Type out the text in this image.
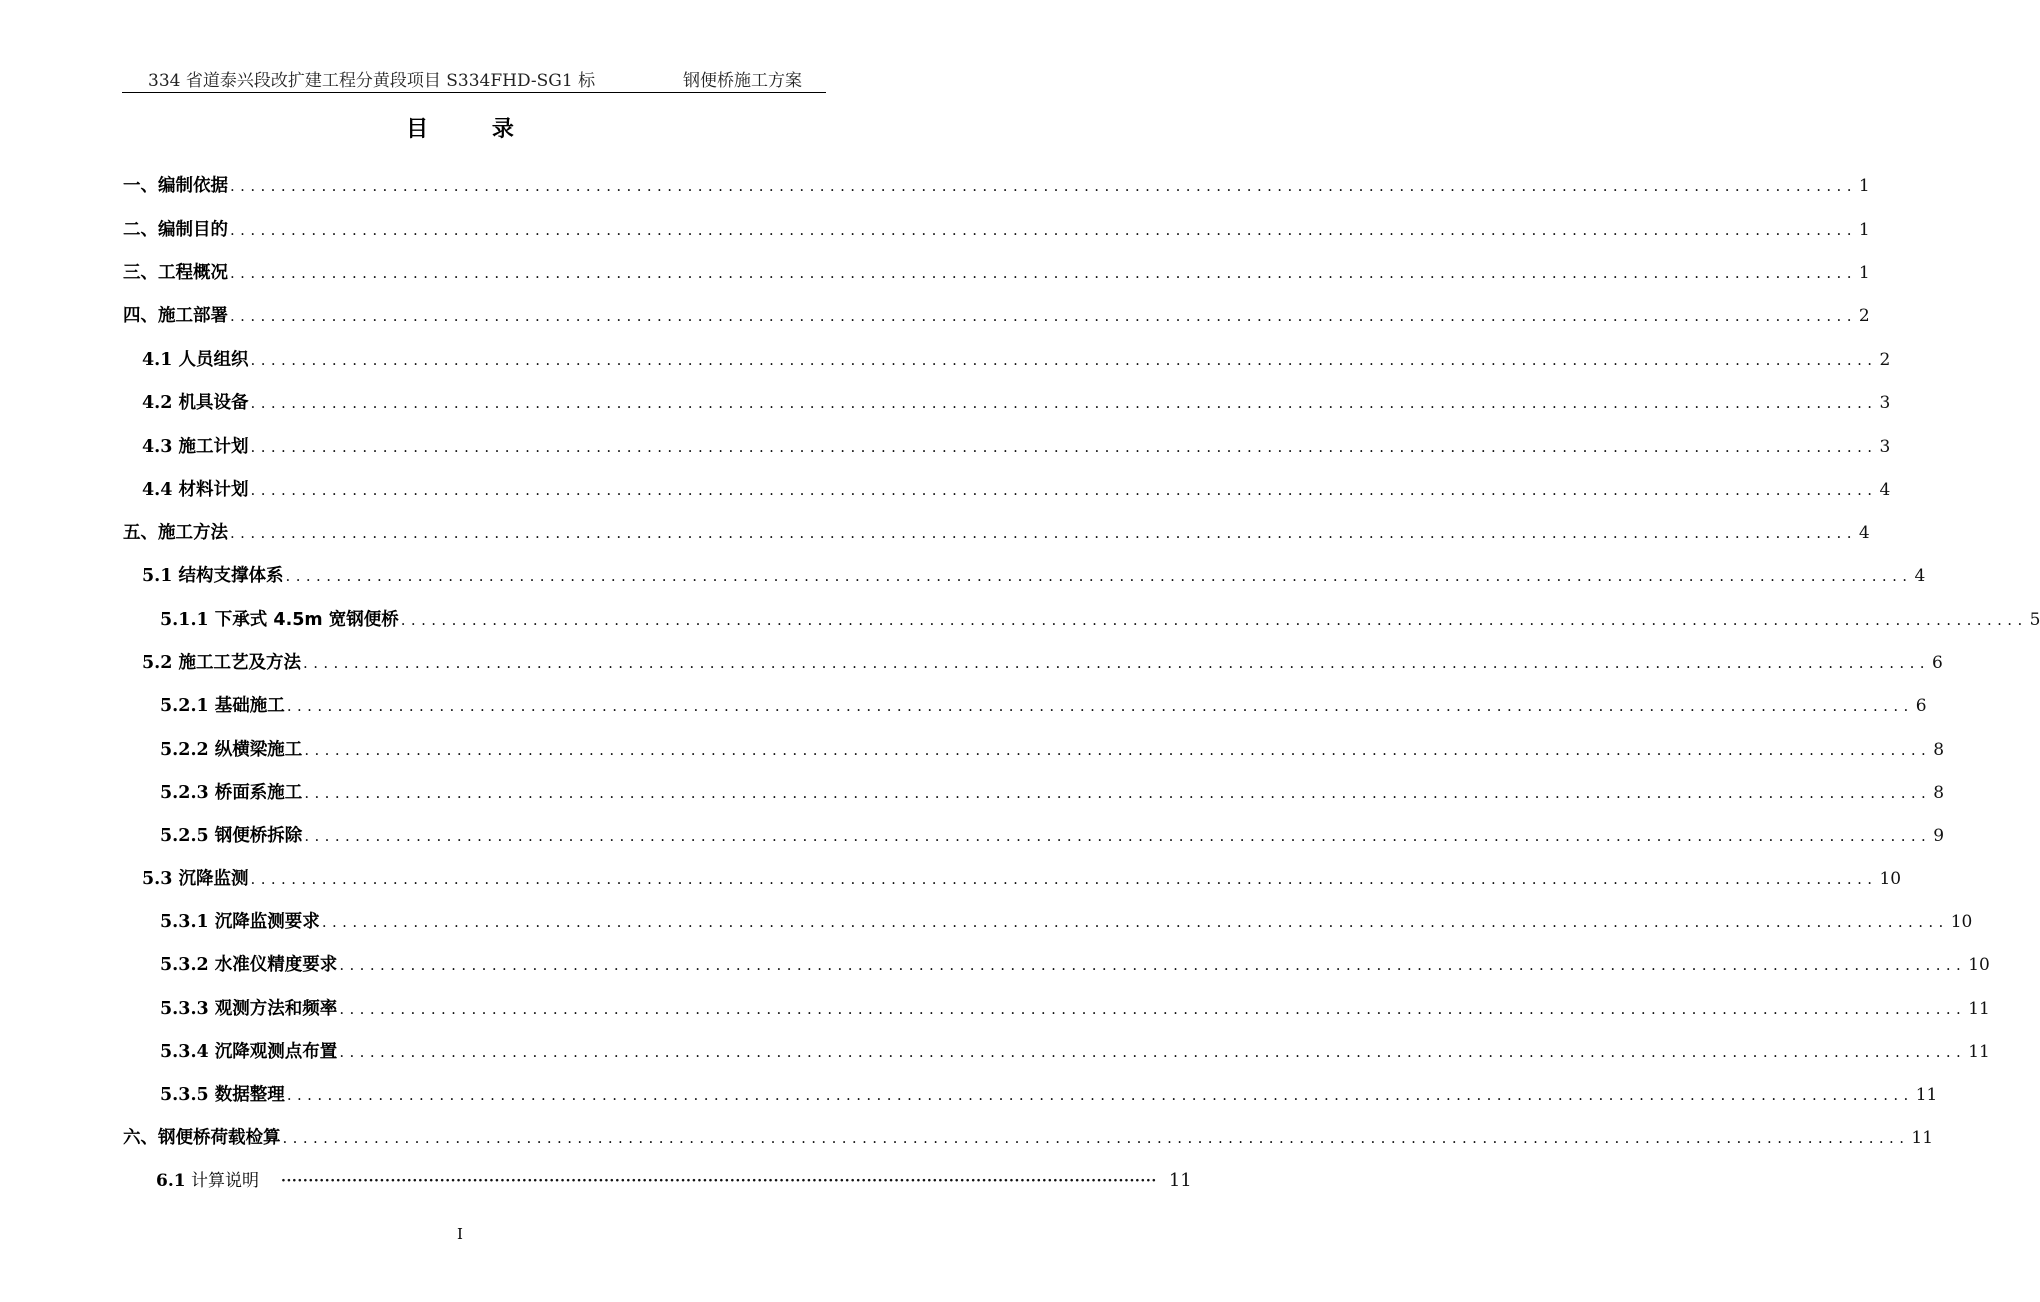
334 省道泰兴段改扩建工程分黄段项目 S334FHD-SG1 标	钢便桥施工方案
目 录
一、编制依据 ................................................................................................................................................................ 1
二、编制目的 ................................................................................................................................................................ 1
三、工程概况 ................................................................................................................................................................ 1
四、施工部署 ................................................................................................................................................................ 2
4.1 人员组织 ................................................................................................................................................................ 2
4.2 机具设备 ................................................................................................................................................................ 3
4.3 施工计划 ................................................................................................................................................................ 3
4.4 材料计划 ................................................................................................................................................................ 4
五、施工方法 ................................................................................................................................................................ 4
5.1 结构支撑体系 ................................................................................................................................................................ 4
5.1.1 下承式 4.5m 宽钢便桥 ................................................................................................................................................................ 5
5.2 施工工艺及方法 ................................................................................................................................................................ 6
5.2.1 基础施工 ................................................................................................................................................................ 6
5.2.2 纵横梁施工 ................................................................................................................................................................ 8
5.2.3 桥面系施工 ................................................................................................................................................................ 8
5.2.5 钢便桥拆除 ................................................................................................................................................................ 9
5.3 沉降监测 ................................................................................................................................................................ 10
5.3.1 沉降监测要求 ................................................................................................................................................................ 10
5.3.2 水准仪精度要求 ................................................................................................................................................................ 10
5.3.3 观测方法和频率 ................................................................................................................................................................ 11
5.3.4 沉降观测点布置 ................................................................................................................................................................ 11
5.3.5 数据整理 ................................................................................................................................................................ 11
六、钢便桥荷载检算 ................................................................................................................................................................ 11
6.1 计算说明 ································································································································································ 11
I
